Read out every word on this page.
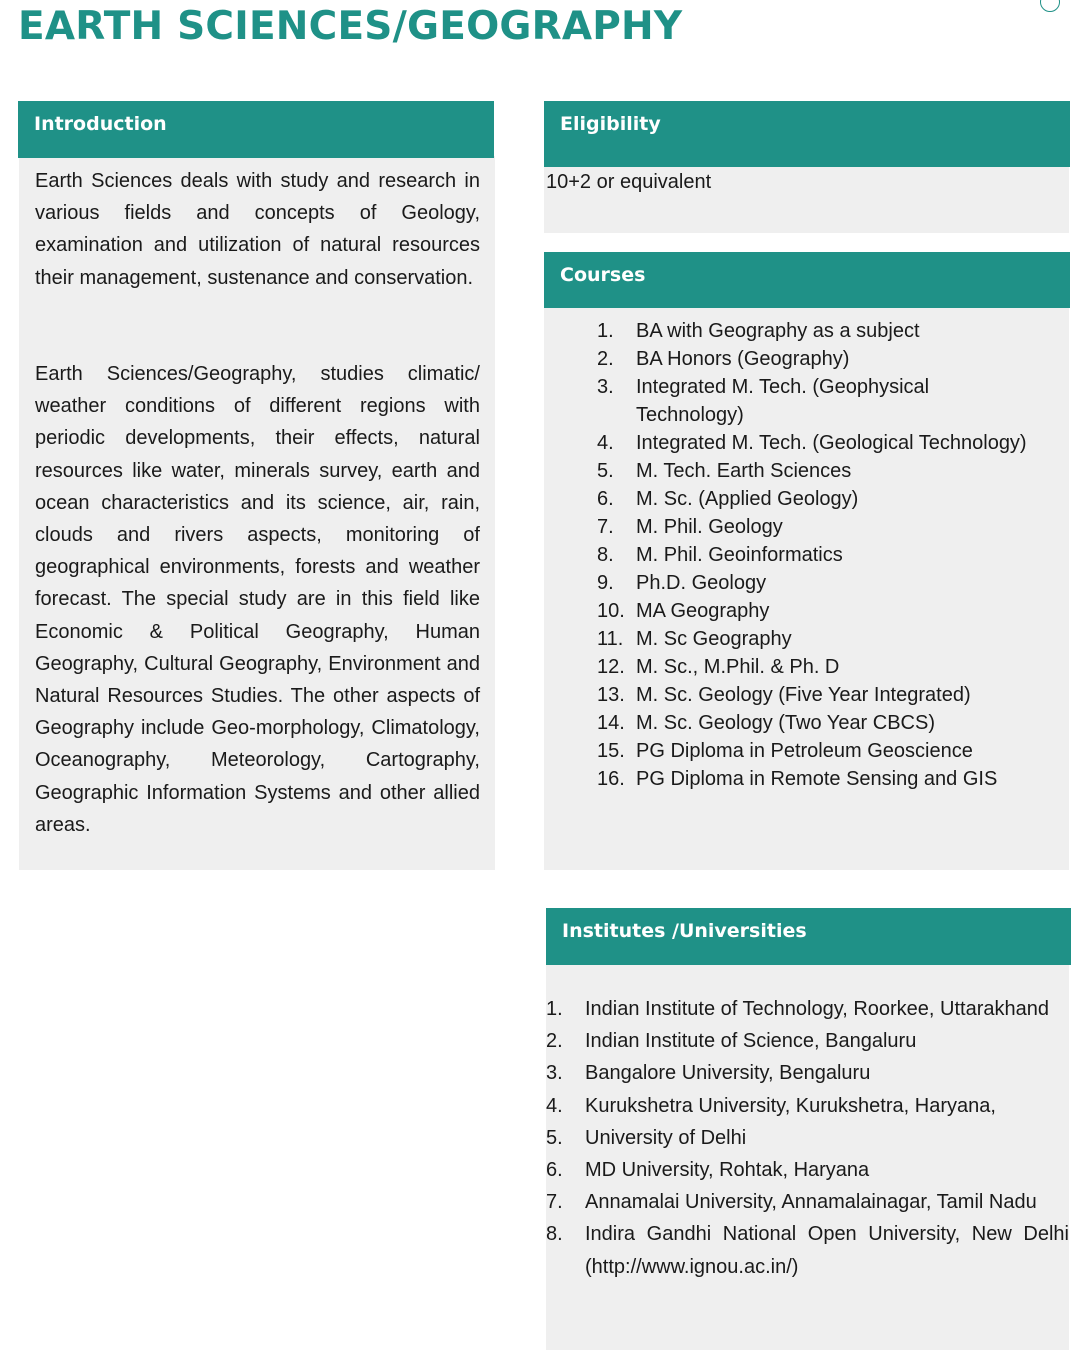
EARTH SCIENCES/GEOGRAPHY
Introduction

Earth Sciences deals with study and research in various fields and concepts of Geology, examination and utilization of natural resources their management, sustenance and conservation.

Earth Sciences/Geography, studies climatic/ weather conditions of different regions with periodic developments, their effects, natural resources like water, minerals survey, earth and ocean characteristics and its science, air, rain, clouds and rivers aspects, monitoring of geographical environments, forests and weather forecast. The special study are in this field like Economic & Political Geography, Human Geography, Cultural Geography, Environment and Natural Resources Studies. The other aspects of Geography include Geo-morphology, Climatology, Oceanography, Meteorology, Cartography, Geographic Information Systems and other allied areas.

Eligibility

10+2 or equivalent

Courses
1. BA with Geography as a subject
2. BA Honors (Geography)
3. Integrated M. Tech. (Geophysical Technology)
4. Integrated M. Tech. (Geological Technology)
5. M. Tech. Earth Sciences
6. M. Sc. (Applied Geology)
7. M. Phil. Geology
8. M. Phil. Geoinformatics
9. Ph.D. Geology
10. MA Geography
11. M. Sc Geography
12. M. Sc., M.Phil. & Ph. D
13. M. Sc. Geology (Five Year Integrated)
14. M. Sc. Geology (Two Year CBCS)
15. PG Diploma in Petroleum Geoscience
16. PG Diploma in Remote Sensing and GIS
Institutes /Universities
1. Indian Institute of Technology, Roorkee, Uttarakhand
2. Indian Institute of Science, Bangaluru
3. Bangalore University, Bengaluru
4. Kurukshetra University, Kurukshetra, Haryana,
5. University of Delhi
6. MD University, Rohtak, Haryana
7. Annamalai University, Annamalainagar, Tamil Nadu
8. Indira Gandhi National Open University, New Delhi (http://www.ignou.ac.in/)
